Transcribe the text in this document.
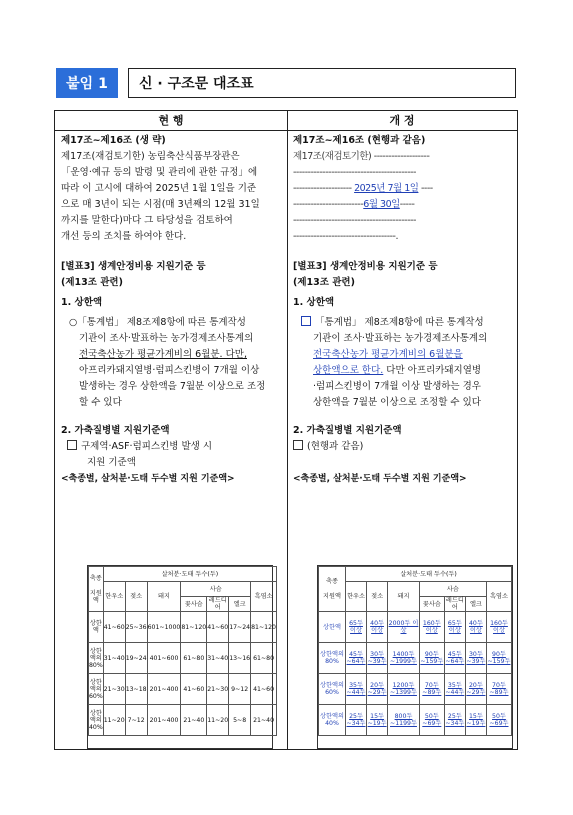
붙임 1	신 · 구조문 대조표
현 행	개 정
제17조~제16조 (생 략)
제17조(재검토기한) 농림축산식품부장관은
「운영·예규 등의 발령 및 관리에 관한 규정」에
따라 이 고시에 대하여 2025년 1월 1일을 기준
으로 매 3년이 되는 시점(매 3년째의 12월 31일
까지를 말한다)마다 그 타당성을 검토하여
개선 등의 조치를 하여야 한다.
[별표3] 생계안정비용 지원기준 등
(제13조 관련)
1. 상한액
○「통계법」 제8조제8항에 따른 통계작성
기관이 조사·발표하는 농가경제조사통계의
전국축산농가 평균가계비의 6월분. 다만,
아프리카돼지열병·럼피스킨병이 7개월 이상
발생하는 경우 상한액을 7월분 이상으로 조정
할 수 있다
2. 가축질병별 지원기준액
구제역·ASF·럼피스킨병 발생 시
지원 기준액
<축종별, 살처분·도태 두수별 지원 기준액>
제17조~제16조 (현행과 같음)
제17조(재검토기한) -------------------
------------------------------------------
-------------------- 2025년 7월 1일 ----
------------------------6월 30일-----
------------------------------------------
-----------------------------------.
[별표3] 생계안정비용 지원기준 등
(제13조 관련)
1. 상한액
「통계법」 제8조제8항에 따른 통계작성
기관이 조사·발표하는 농가경제조사통계의
전국축산농가 평균가계비의 6월분을
상한액으로 한다. 다만 아프리카돼지열병
·럼피스킨병이 7개월 이상 발생하는 경우
상한액을 7월분 이상으로 조정할 수 있다
2. 가축질병별 지원기준액
(현행과 같음)
<축종별, 살처분·도태 두수별 지원 기준액>
축종
지원액	살처분·도태 두수(두)						
	한우소	젖소	돼지	사슴			흑염소
				꽃사슴	레드디어	엘크	
상한액	41~60	25~36	601~1000	81~120	41~60	17~24	81~120
상한액의 80%	31~40	19~24	401~600	61~80	31~40	13~16	61~80
상한액의 60%	21~30	13~18	201~400	41~60	21~30	9~12	41~60
상한액의 40%	11~20	7~12	201~400	21~40	11~20	5~8	21~40
축종
지원액	살처분·도태 두수(두)						
	한우소	젖소	돼지	사슴			흑염소
				꽃사슴	레드디어	엘크	
상한액	65두 이상	40두 이상	2000두 이상	160두 이상	65두 이상	40두 이상	160두 이상
상한액의 80%	45두~64두	30두~39두	1400두~1999두	90두~159두	45두~64두	30두~39두	90두~159두
상한액의 60%	35두~44두	20두~29두	1200두~1399두	70두~89두	35두~44두	20두~29두	70두~89두
상한액의 40%	25두~34두	15두~19두	800두~1199두	50두~69두	25두~34두	15두~19두	50두~69두
